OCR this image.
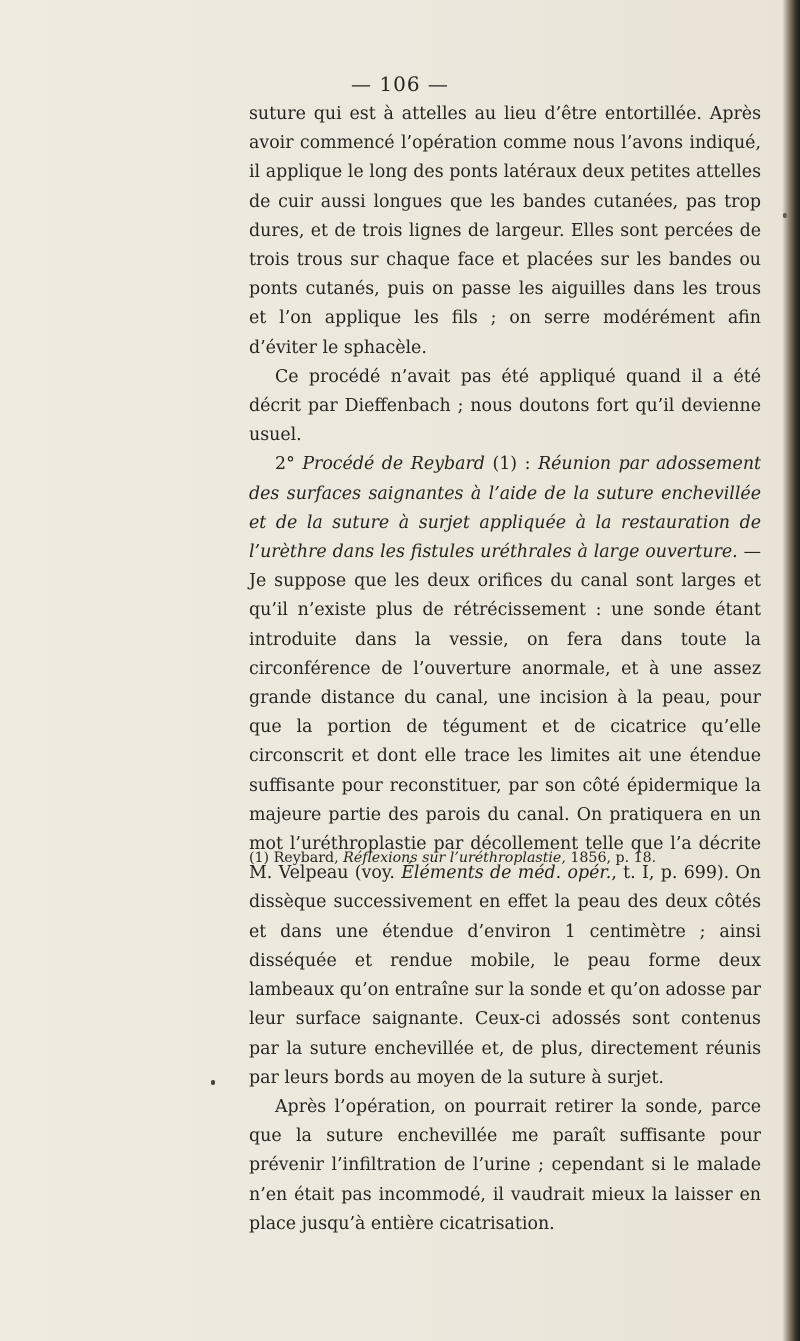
— 106 —

suture qui est à attelles au lieu d’être entortillée. Après avoir commencé l’opération comme nous l’avons indiqué, il applique le long des ponts latéraux deux petites attelles de cuir aussi longues que les bandes cutanées, pas trop dures, et de trois lignes de largeur. Elles sont percées de trois trous sur chaque face et placées sur les bandes ou ponts cutanés, puis on passe les aiguilles dans les trous et l’on applique les fils ; on serre modérément afin d’éviter le sphacèle.

Ce procédé n’avait pas été appliqué quand il a été décrit par Dieffenbach ; nous doutons fort qu’il devienne usuel.

2° Procédé de Reybard (1) : Réunion par adossement des surfaces saignantes à l’aide de la suture enchevillée et de la suture à surjet appliquée à la restauration de l’urèthre dans les fistules uréthrales à large ouverture. — Je suppose que les deux orifices du canal sont larges et qu’il n’existe plus de rétrécissement : une sonde étant introduite dans la vessie, on fera dans toute la circonférence de l’ouverture anormale, et à une assez grande distance du canal, une incision à la peau, pour que la portion de tégument et de cicatrice qu’elle circonscrit et dont elle trace les limites ait une étendue suffisante pour reconstituer, par son côté épidermique la majeure partie des parois du canal. On pratiquera en un mot l’uréthroplastie par décollement telle que l’a décrite M. Velpeau (voy. Éléments de méd. opér., t. I, p. 699). On dissèque successivement en effet la peau des deux côtés et dans une étendue d’environ 1 centimètre ; ainsi disséquée et rendue mobile, le peau forme deux lambeaux qu’on entraîne sur la sonde et qu’on adosse par leur surface saignante. Ceux-ci adossés sont contenus par la suture enchevillée et, de plus, directement réunis par leurs bords au moyen de la suture à surjet.

Après l’opération, on pourrait retirer la sonde, parce que la suture enchevillée me paraît suffisante pour prévenir l’infiltration de l’urine ; cependant si le malade n’en était pas incommodé, il vaudrait mieux la laisser en place jusqu’à entière cicatrisation.

(1) Reybard, Réflexions sur l’uréthroplastie, 1856, p. 18.
